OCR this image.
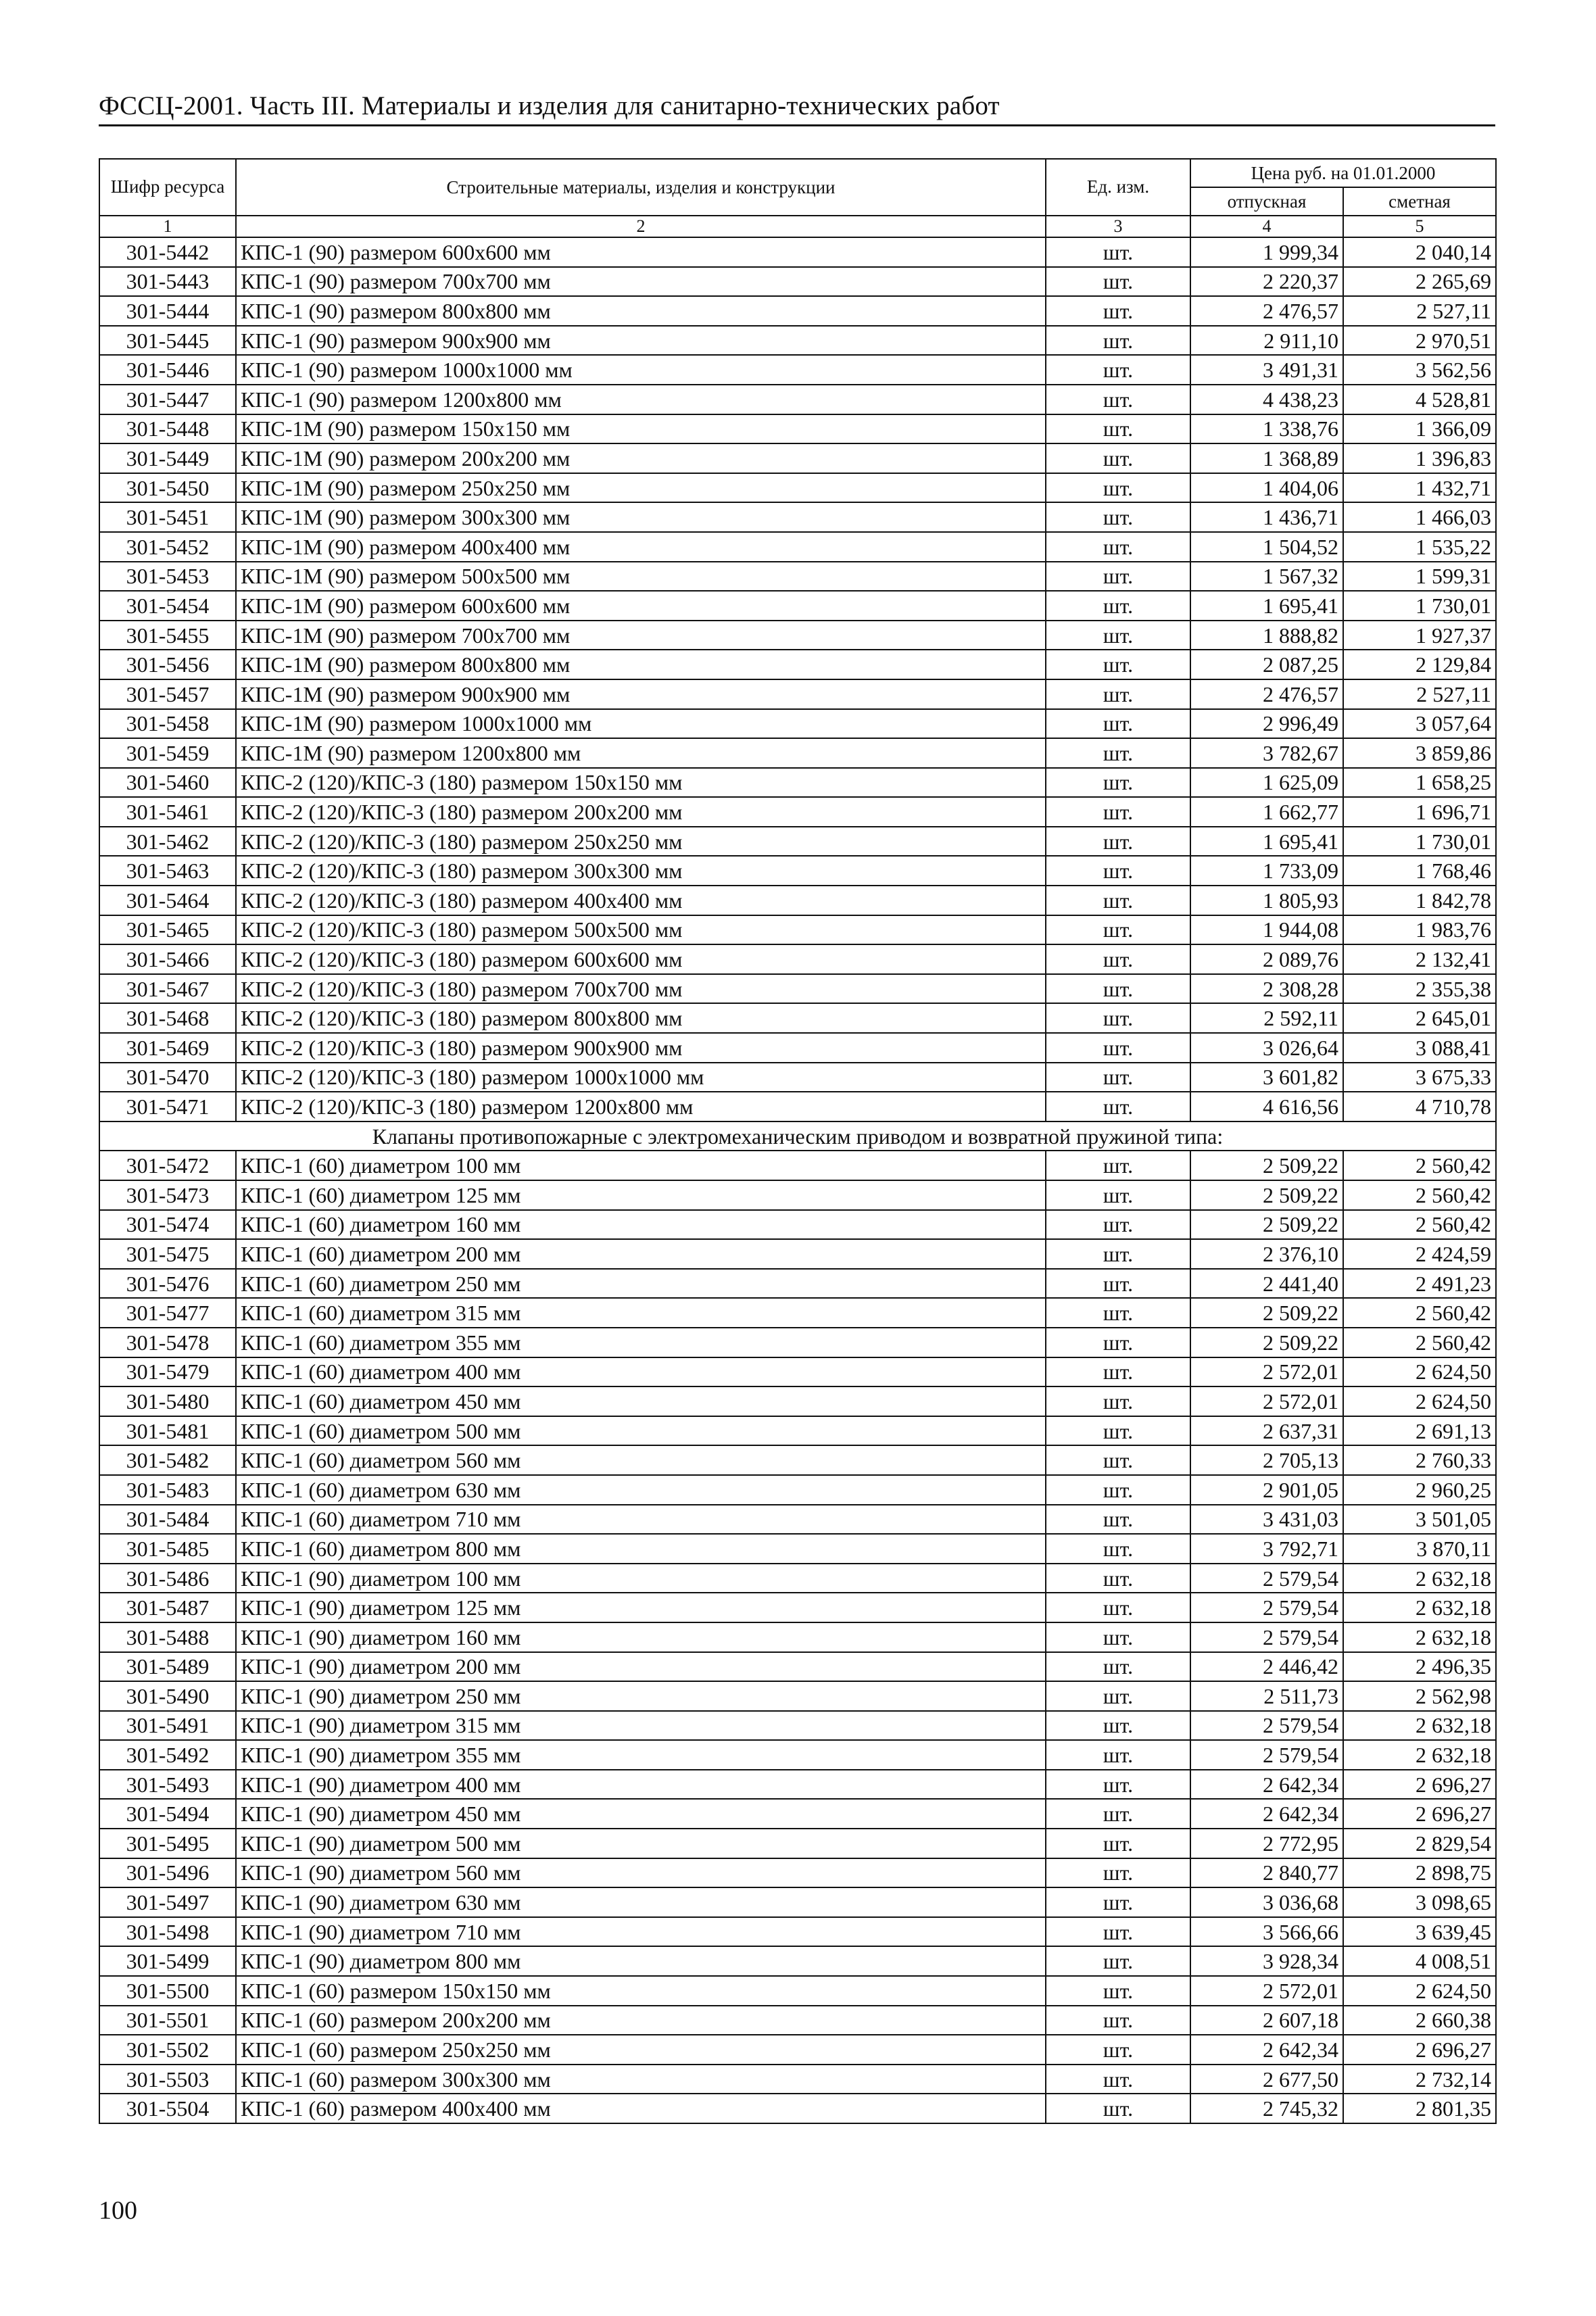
ФССЦ-2001. Часть III. Материалы и изделия для санитарно-технических работ
Шифр ресурса	Строительные материалы, изделия и конструкции	Ед. изм.	Цена руб. на 01.01.2000	
			отпускная	сметная
1	2	3	4	5
301-5442	КПС-1 (90) размером 600х600 мм	шт.	1 999,34	2 040,14
301-5443	КПС-1 (90) размером 700х700 мм	шт.	2 220,37	2 265,69
301-5444	КПС-1 (90) размером 800х800 мм	шт.	2 476,57	2 527,11
301-5445	КПС-1 (90) размером 900х900 мм	шт.	2 911,10	2 970,51
301-5446	КПС-1 (90) размером 1000х1000 мм	шт.	3 491,31	3 562,56
301-5447	КПС-1 (90) размером 1200х800 мм	шт.	4 438,23	4 528,81
301-5448	КПС-1М (90) размером 150х150 мм	шт.	1 338,76	1 366,09
301-5449	КПС-1М (90) размером 200х200 мм	шт.	1 368,89	1 396,83
301-5450	КПС-1М (90) размером 250х250 мм	шт.	1 404,06	1 432,71
301-5451	КПС-1М (90) размером 300х300 мм	шт.	1 436,71	1 466,03
301-5452	КПС-1М (90) размером 400х400 мм	шт.	1 504,52	1 535,22
301-5453	КПС-1М (90) размером 500х500 мм	шт.	1 567,32	1 599,31
301-5454	КПС-1М (90) размером 600х600 мм	шт.	1 695,41	1 730,01
301-5455	КПС-1М (90) размером 700х700 мм	шт.	1 888,82	1 927,37
301-5456	КПС-1М (90) размером 800х800 мм	шт.	2 087,25	2 129,84
301-5457	КПС-1М (90) размером 900х900 мм	шт.	2 476,57	2 527,11
301-5458	КПС-1М (90) размером 1000х1000 мм	шт.	2 996,49	3 057,64
301-5459	КПС-1М (90) размером 1200х800 мм	шт.	3 782,67	3 859,86
301-5460	КПС-2 (120)/КПС-3 (180) размером 150х150 мм	шт.	1 625,09	1 658,25
301-5461	КПС-2 (120)/КПС-3 (180) размером 200х200 мм	шт.	1 662,77	1 696,71
301-5462	КПС-2 (120)/КПС-3 (180) размером 250х250 мм	шт.	1 695,41	1 730,01
301-5463	КПС-2 (120)/КПС-3 (180) размером 300х300 мм	шт.	1 733,09	1 768,46
301-5464	КПС-2 (120)/КПС-3 (180) размером 400х400 мм	шт.	1 805,93	1 842,78
301-5465	КПС-2 (120)/КПС-3 (180) размером 500х500 мм	шт.	1 944,08	1 983,76
301-5466	КПС-2 (120)/КПС-3 (180) размером 600х600 мм	шт.	2 089,76	2 132,41
301-5467	КПС-2 (120)/КПС-3 (180) размером 700х700 мм	шт.	2 308,28	2 355,38
301-5468	КПС-2 (120)/КПС-3 (180) размером 800х800 мм	шт.	2 592,11	2 645,01
301-5469	КПС-2 (120)/КПС-3 (180) размером 900х900 мм	шт.	3 026,64	3 088,41
301-5470	КПС-2 (120)/КПС-3 (180) размером 1000х1000 мм	шт.	3 601,82	3 675,33
301-5471	КПС-2 (120)/КПС-3 (180) размером 1200х800 мм	шт.	4 616,56	4 710,78
Клапаны противопожарные с электромеханическим приводом и возвратной пружиной типа:				
301-5472	КПС-1 (60) диаметром 100 мм	шт.	2 509,22	2 560,42
301-5473	КПС-1 (60) диаметром 125 мм	шт.	2 509,22	2 560,42
301-5474	КПС-1 (60) диаметром 160 мм	шт.	2 509,22	2 560,42
301-5475	КПС-1 (60) диаметром 200 мм	шт.	2 376,10	2 424,59
301-5476	КПС-1 (60) диаметром 250 мм	шт.	2 441,40	2 491,23
301-5477	КПС-1 (60) диаметром 315 мм	шт.	2 509,22	2 560,42
301-5478	КПС-1 (60) диаметром 355 мм	шт.	2 509,22	2 560,42
301-5479	КПС-1 (60) диаметром 400 мм	шт.	2 572,01	2 624,50
301-5480	КПС-1 (60) диаметром 450 мм	шт.	2 572,01	2 624,50
301-5481	КПС-1 (60) диаметром 500 мм	шт.	2 637,31	2 691,13
301-5482	КПС-1 (60) диаметром 560 мм	шт.	2 705,13	2 760,33
301-5483	КПС-1 (60) диаметром 630 мм	шт.	2 901,05	2 960,25
301-5484	КПС-1 (60) диаметром 710 мм	шт.	3 431,03	3 501,05
301-5485	КПС-1 (60) диаметром 800 мм	шт.	3 792,71	3 870,11
301-5486	КПС-1 (90) диаметром 100 мм	шт.	2 579,54	2 632,18
301-5487	КПС-1 (90) диаметром 125 мм	шт.	2 579,54	2 632,18
301-5488	КПС-1 (90) диаметром 160 мм	шт.	2 579,54	2 632,18
301-5489	КПС-1 (90) диаметром 200 мм	шт.	2 446,42	2 496,35
301-5490	КПС-1 (90) диаметром 250 мм	шт.	2 511,73	2 562,98
301-5491	КПС-1 (90) диаметром 315 мм	шт.	2 579,54	2 632,18
301-5492	КПС-1 (90) диаметром 355 мм	шт.	2 579,54	2 632,18
301-5493	КПС-1 (90) диаметром 400 мм	шт.	2 642,34	2 696,27
301-5494	КПС-1 (90) диаметром 450 мм	шт.	2 642,34	2 696,27
301-5495	КПС-1 (90) диаметром 500 мм	шт.	2 772,95	2 829,54
301-5496	КПС-1 (90) диаметром 560 мм	шт.	2 840,77	2 898,75
301-5497	КПС-1 (90) диаметром 630 мм	шт.	3 036,68	3 098,65
301-5498	КПС-1 (90) диаметром 710 мм	шт.	3 566,66	3 639,45
301-5499	КПС-1 (90) диаметром 800 мм	шт.	3 928,34	4 008,51
301-5500	КПС-1 (60) размером 150х150 мм	шт.	2 572,01	2 624,50
301-5501	КПС-1 (60) размером 200х200 мм	шт.	2 607,18	2 660,38
301-5502	КПС-1 (60) размером 250х250 мм	шт.	2 642,34	2 696,27
301-5503	КПС-1 (60) размером 300х300 мм	шт.	2 677,50	2 732,14
301-5504	КПС-1 (60) размером 400х400 мм	шт.	2 745,32	2 801,35
100
